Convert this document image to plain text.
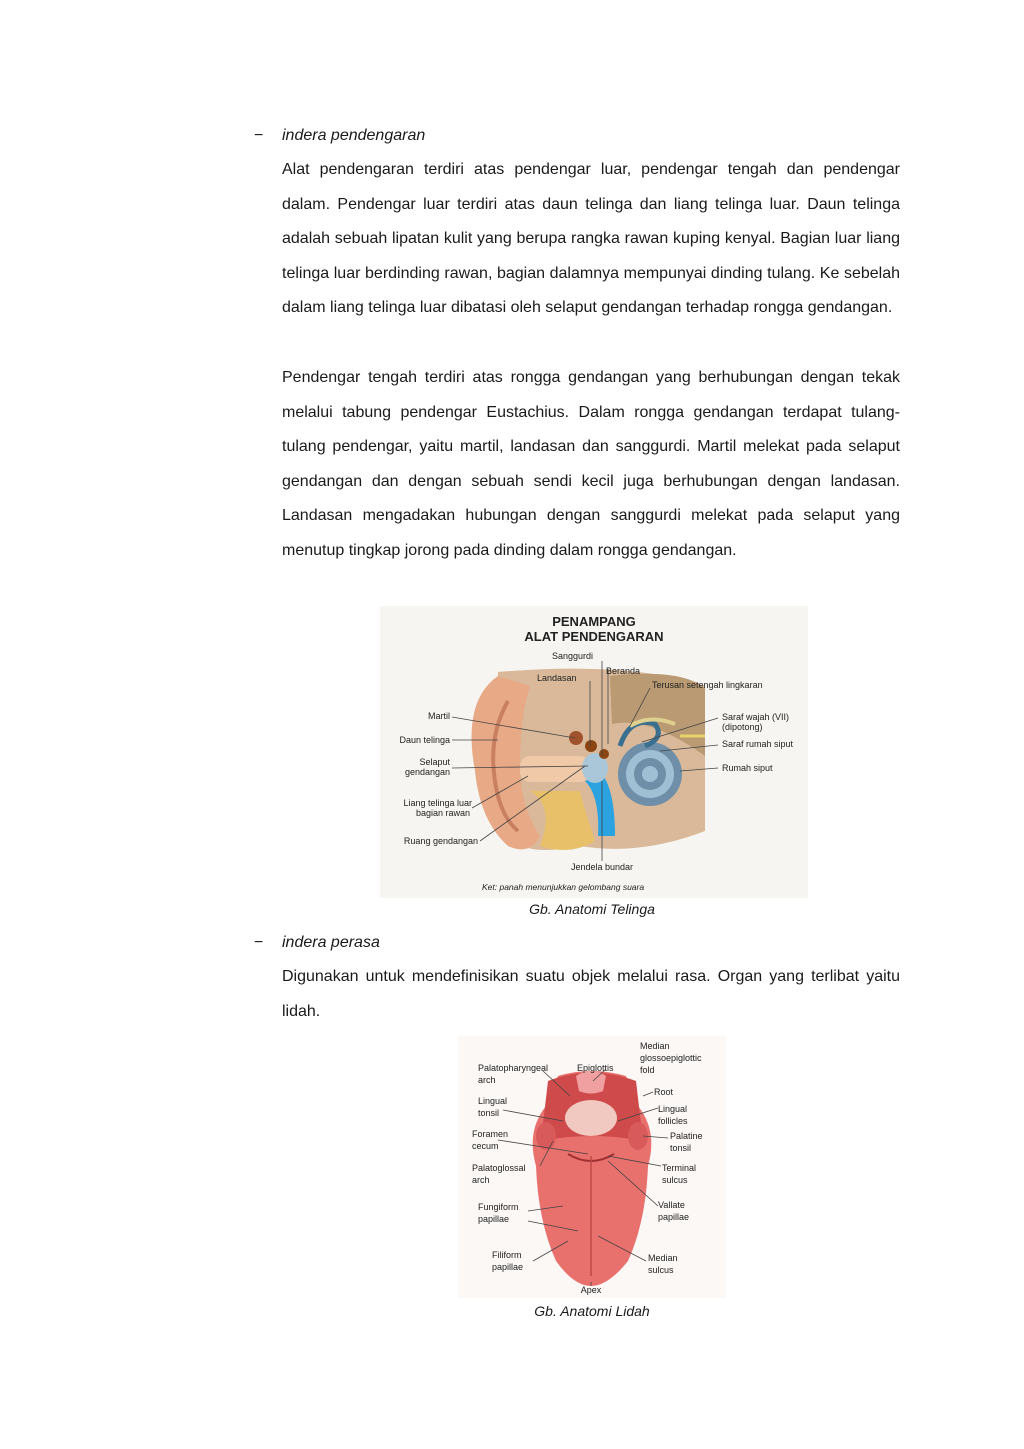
− indera pendengaran

Alat pendengaran terdiri atas pendengar luar, pendengar tengah dan pendengar dalam. Pendengar luar terdiri atas daun telinga dan liang telinga luar. Daun telinga adalah sebuah lipatan kulit yang berupa rangka rawan kuping kenyal. Bagian luar liang telinga luar berdinding rawan, bagian dalamnya mempunyai dinding tulang. Ke sebelah dalam liang telinga luar dibatasi oleh selaput gendangan terhadap rongga gendangan.

Pendengar tengah terdiri atas rongga gendangan yang berhubungan dengan tekak melalui tabung pendengar Eustachius. Dalam rongga gendangan terdapat tulang-tulang pendengar, yaitu martil, landasan dan sanggurdi. Martil melekat pada selaput gendangan dan dengan sebuah sendi kecil juga berhubungan dengan landasan. Landasan mengadakan hubungan dengan sanggurdi melekat pada selaput yang menutup tingkap jorong pada dinding dalam rongga gendangan.

PENAMPANG
ALAT PENDENGARAN
Sanggurdi
Beranda
Landasan
Terusan setengah lingkaran
Martil
Daun telinga
Selaput
gendangan
Liang telinga luar
bagian rawan
Ruang gendangan
Saraf wajah (VII)
(dipotong)
Saraf rumah siput
Rumah siput
Jendela bundar
Ket: panah menunjukkan gelombang suara
Gb. Anatomi Telinga
− indera perasa

Digunakan untuk mendefinisikan suatu objek melalui rasa. Organ yang terlibat yaitu lidah.

Median
glossoepiglottic
fold
Palatopharyngeal
arch
Epiglottis
Root
Lingual
tonsil	Lingual
follicles
Foramen
cecum
Palatine
tonsil
Palatoglossal
arch
Terminal
sulcus
Fungiform
papillae
Vallate
papillae
Filiform
papillae
Median
sulcus
Apex
Gb. Anatomi Lidah
